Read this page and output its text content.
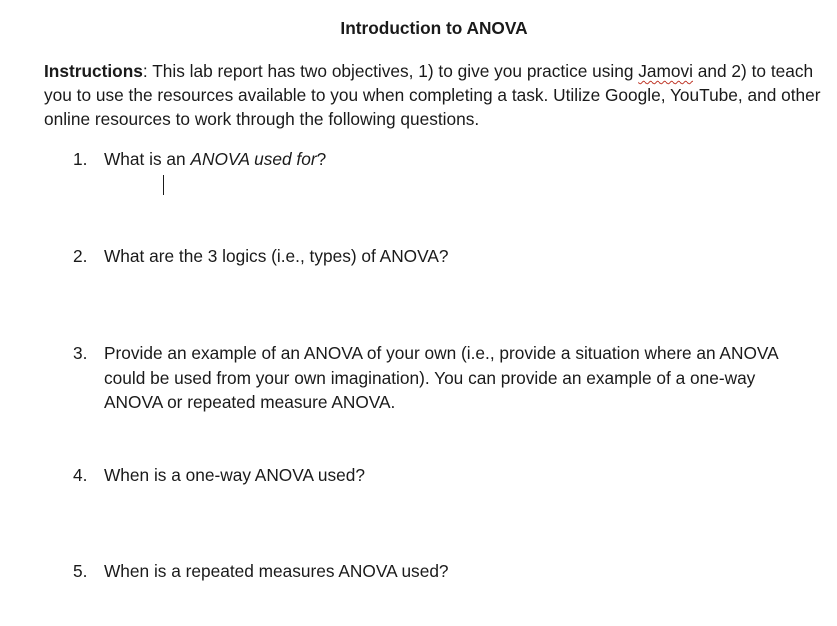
Introduction to ANOVA
Instructions: This lab report has two objectives, 1) to give you practice using Jamovi and 2) to teach you to use the resources available to you when completing a task. Utilize Google, YouTube, and other online resources to work through the following questions.
1. What is an ANOVA used for?
2. What are the 3 logics (i.e., types) of ANOVA?
3. Provide an example of an ANOVA of your own (i.e., provide a situation where an ANOVA could be used from your own imagination). You can provide an example of a one-way ANOVA or repeated measure ANOVA.
4. When is a one-way ANOVA used?
5. When is a repeated measures ANOVA used?
